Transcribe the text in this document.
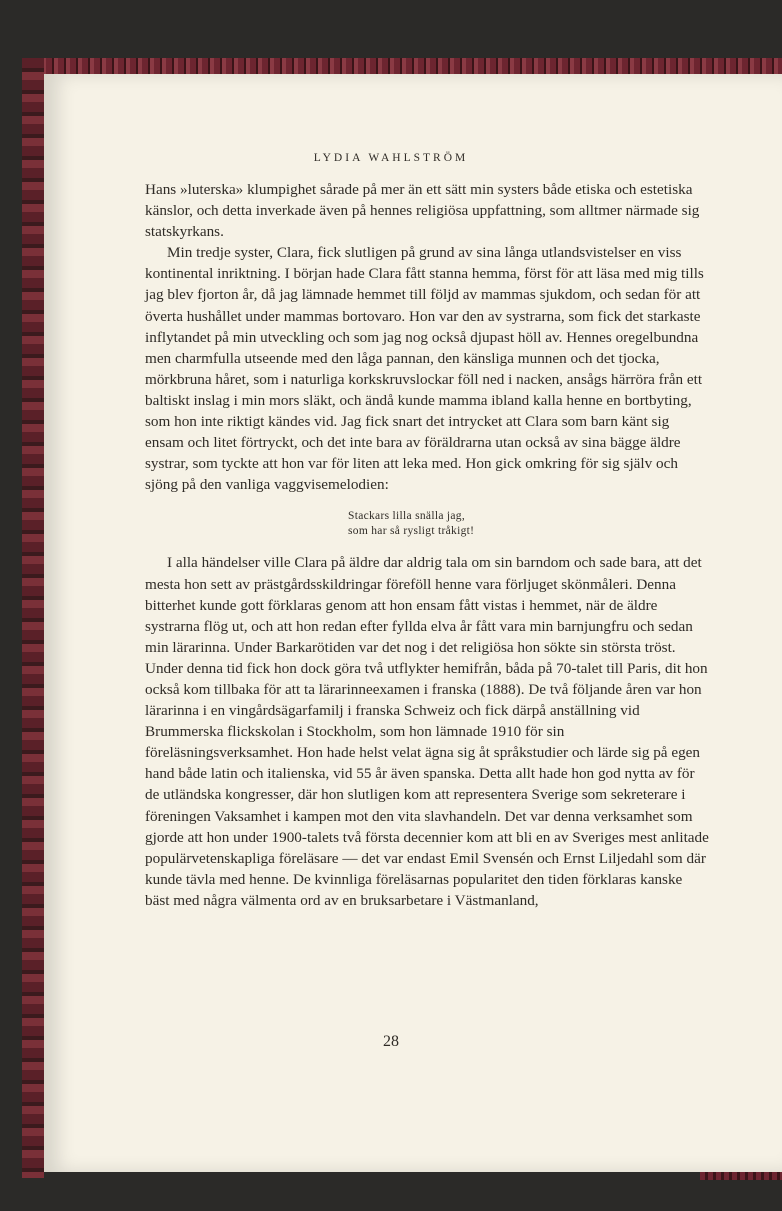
LYDIA WAHLSTRÖM

Hans »luterska» klumpighet sårade på mer än ett sätt min systers både etiska och estetiska känslor, och detta inverkade även på hennes religiösa uppfattning, som alltmer närmade sig statskyrkans.

Min tredje syster, Clara, fick slutligen på grund av sina långa utlandsvistelser en viss kontinental inriktning. I början hade Clara fått stanna hemma, först för att läsa med mig tills jag blev fjorton år, då jag lämnade hemmet till följd av mammas sjukdom, och sedan för att överta hushållet under mammas bortovaro. Hon var den av systrarna, som fick det starkaste inflytandet på min utveckling och som jag nog också djupast höll av. Hennes oregelbundna men charmfulla utseende med den låga pannan, den känsliga munnen och det tjocka, mörkbruna håret, som i naturliga korkskruvslockar föll ned i nacken, ansågs härröra från ett baltiskt inslag i min mors släkt, och ändå kunde mamma ibland kalla henne en bortbyting, som hon inte riktigt kändes vid. Jag fick snart det intrycket att Clara som barn känt sig ensam och litet förtryckt, och det inte bara av föräldrarna utan också av sina bägge äldre systrar, som tyckte att hon var för liten att leka med. Hon gick omkring för sig själv och sjöng på den vanliga vaggvisemelodien:

Stackars lilla snälla jag,
som har så rysligt tråkigt!

I alla händelser ville Clara på äldre dar aldrig tala om sin barndom och sade bara, att det mesta hon sett av prästgårdsskildringar föreföll henne vara förljuget skönmåleri. Denna bitterhet kunde gott förklaras genom att hon ensam fått vistas i hemmet, när de äldre systrarna flög ut, och att hon redan efter fyllda elva år fått vara min barnjungfru och sedan min lärarinna. Under Barkarötiden var det nog i det religiösa hon sökte sin största tröst. Under denna tid fick hon dock göra två utflykter hemifrån, båda på 70-talet till Paris, dit hon också kom tillbaka för att ta lärarinneexamen i franska (1888). De två följande åren var hon lärarinna i en vingårdsägarfamilj i franska Schweiz och fick därpå anställning vid Brummerska flickskolan i Stockholm, som hon lämnade 1910 för sin föreläsningsverksamhet. Hon hade helst velat ägna sig åt språkstudier och lärde sig på egen hand både latin och italienska, vid 55 år även spanska. Detta allt hade hon god nytta av för de utländska kongresser, där hon slutligen kom att representera Sverige som sekreterare i föreningen Vaksamhet i kampen mot den vita slavhandeln. Det var denna verksamhet som gjorde att hon under 1900-talets två första decennier kom att bli en av Sveriges mest anlitade populärvetenskapliga föreläsare — det var endast Emil Svensén och Ernst Liljedahl som där kunde tävla med henne. De kvinnliga föreläsarnas popularitet den tiden förklaras kanske bäst med några välmenta ord av en bruksarbetare i Västmanland,

28
